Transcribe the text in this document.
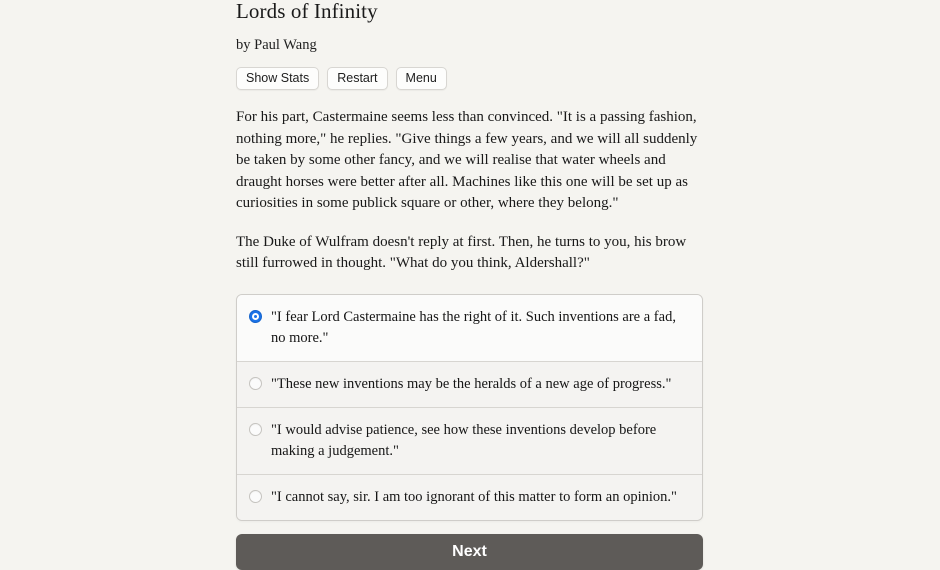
Lords of Infinity
by Paul Wang
Show Stats	Restart	Menu

For his part, Castermaine seems less than convinced. "It is a passing fashion, nothing more," he replies. "Give things a few years, and we will all suddenly be taken by some other fancy, and we will realise that water wheels and draught horses were better after all. Machines like this one will be set up as curiosities in some publick square or other, where they belong."

The Duke of Wulfram doesn't reply at first. Then, he turns to you, his brow still furrowed in thought. "What do you think, Aldershall?"

"I fear Lord Castermaine has the right of it. Such inventions are a fad, no more."
"These new inventions may be the heralds of a new age of progress."
"I would advise patience, see how these inventions develop before making a judgement."
"I cannot say, sir. I am too ignorant of this matter to form an opinion."
Next
